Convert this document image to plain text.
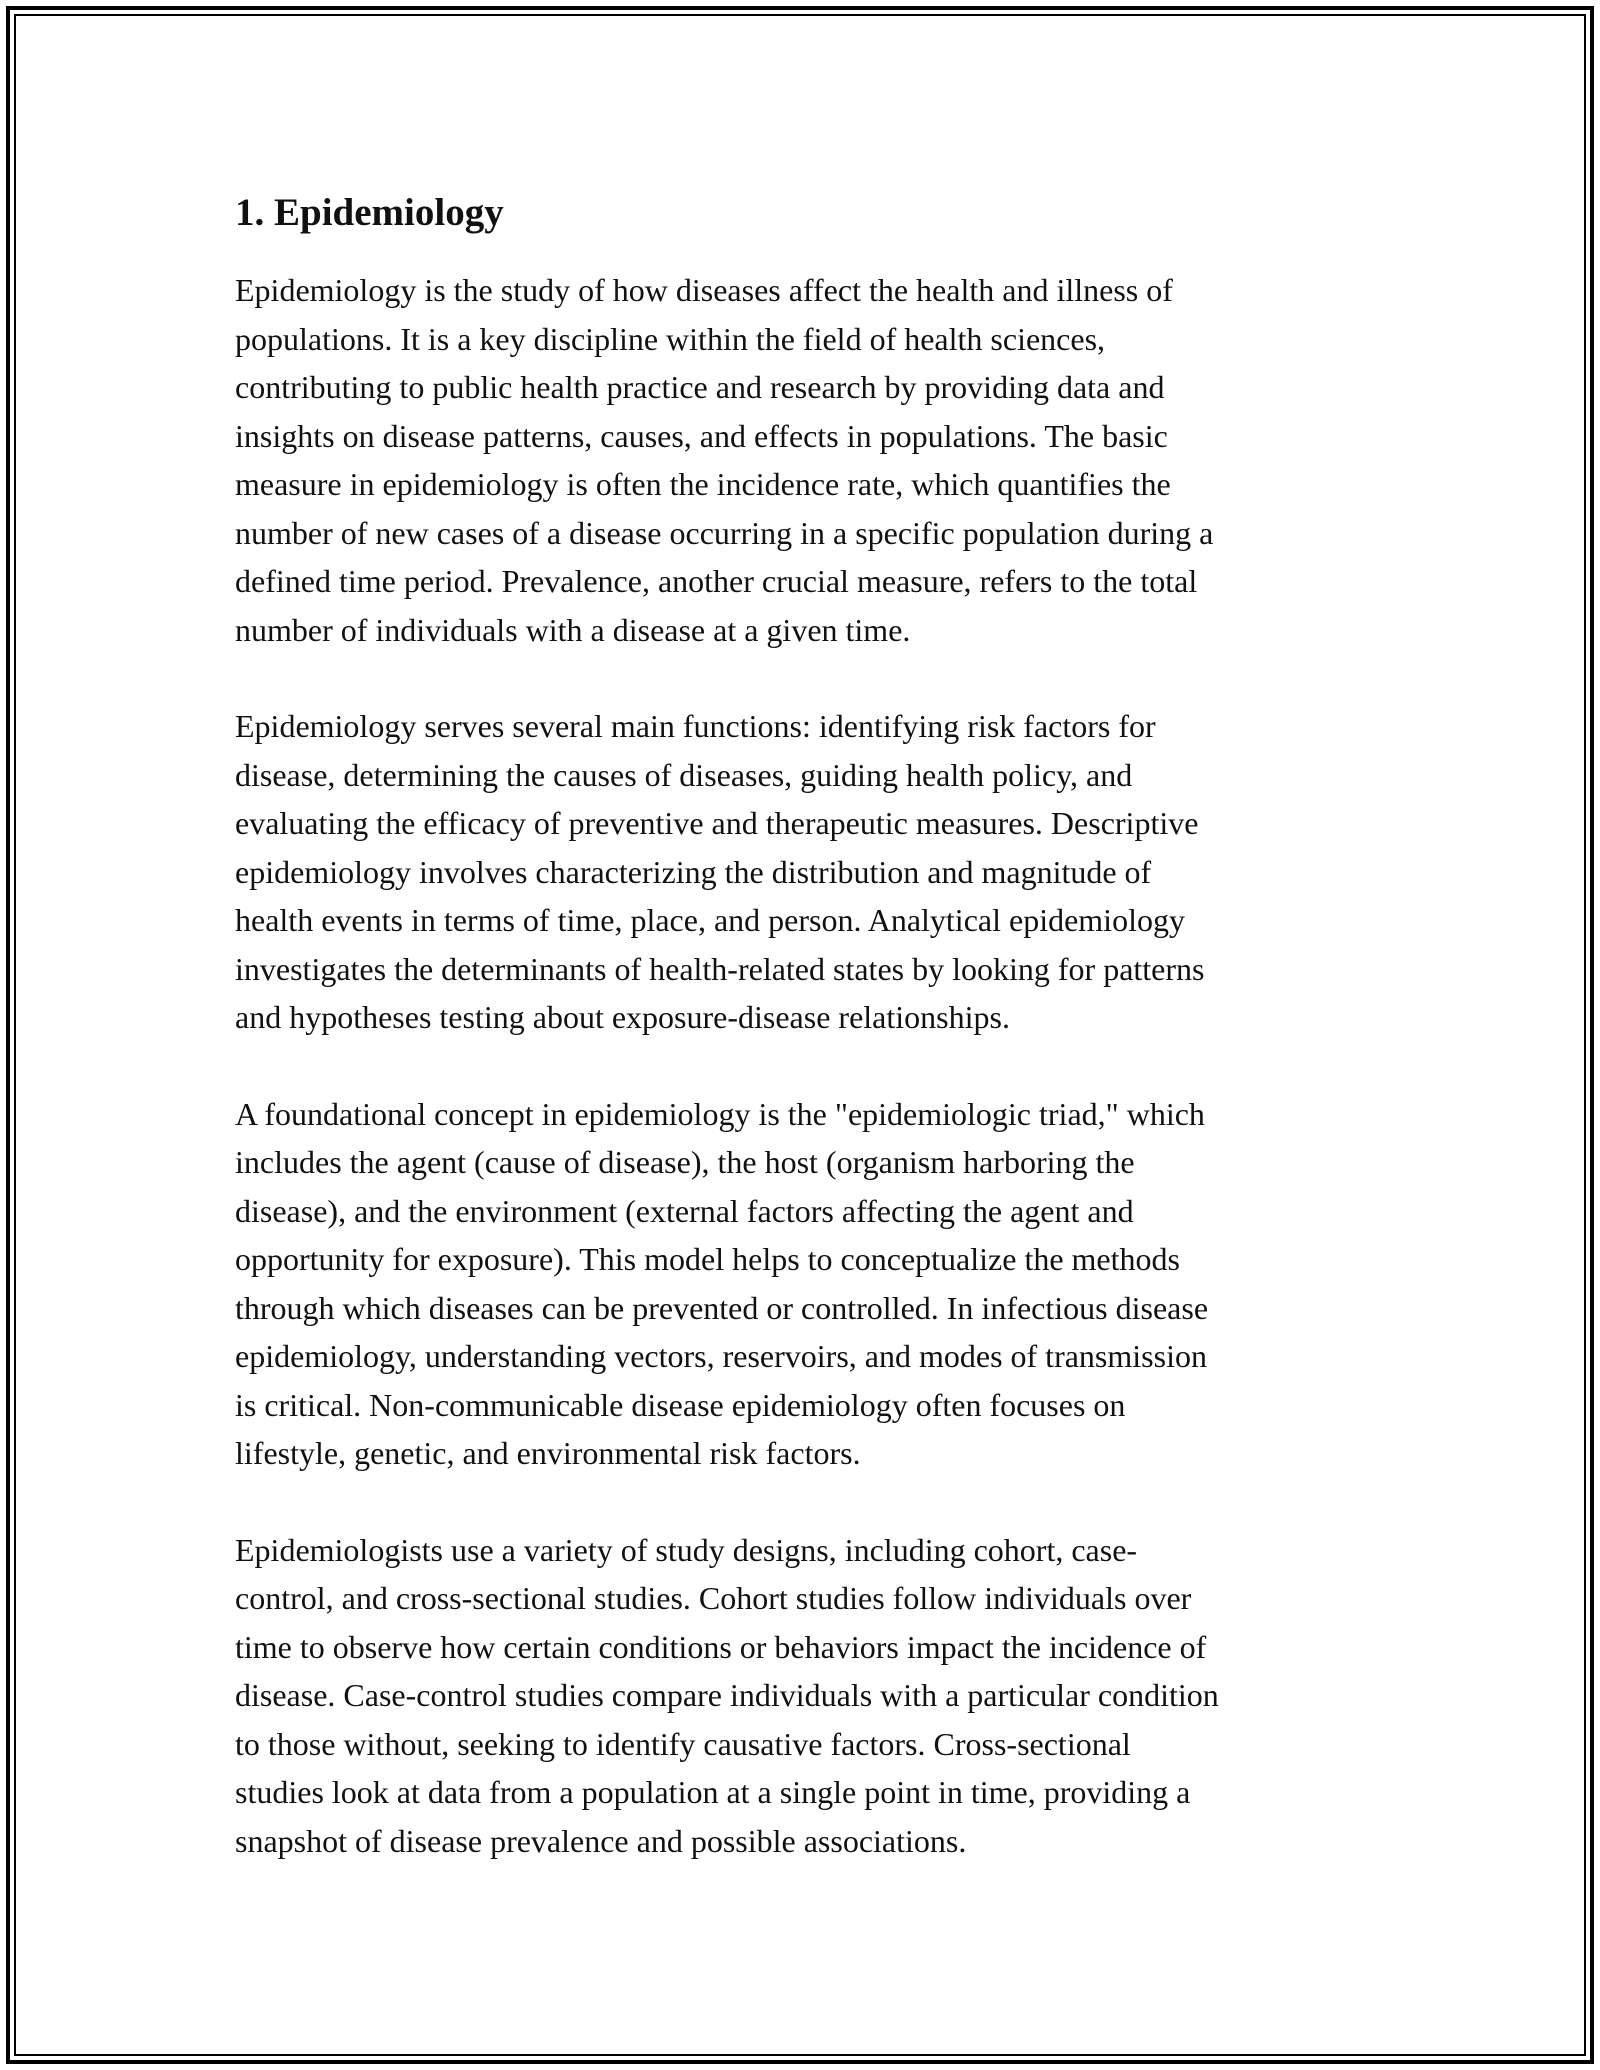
1. Epidemiology

Epidemiology is the study of how diseases affect the health and illness of
populations. It is a key discipline within the field of health sciences,
contributing to public health practice and research by providing data and
insights on disease patterns, causes, and effects in populations. The basic
measure in epidemiology is often the incidence rate, which quantifies the
number of new cases of a disease occurring in a specific population during a
defined time period. Prevalence, another crucial measure, refers to the total
number of individuals with a disease at a given time.

Epidemiology serves several main functions: identifying risk factors for
disease, determining the causes of diseases, guiding health policy, and
evaluating the efficacy of preventive and therapeutic measures. Descriptive
epidemiology involves characterizing the distribution and magnitude of
health events in terms of time, place, and person. Analytical epidemiology
investigates the determinants of health-related states by looking for patterns
and hypotheses testing about exposure-disease relationships.

A foundational concept in epidemiology is the "epidemiologic triad," which
includes the agent (cause of disease), the host (organism harboring the
disease), and the environment (external factors affecting the agent and
opportunity for exposure). This model helps to conceptualize the methods
through which diseases can be prevented or controlled. In infectious disease
epidemiology, understanding vectors, reservoirs, and modes of transmission
is critical. Non-communicable disease epidemiology often focuses on
lifestyle, genetic, and environmental risk factors.

Epidemiologists use a variety of study designs, including cohort, case-
control, and cross-sectional studies. Cohort studies follow individuals over
time to observe how certain conditions or behaviors impact the incidence of
disease. Case-control studies compare individuals with a particular condition
to those without, seeking to identify causative factors. Cross-sectional
studies look at data from a population at a single point in time, providing a
snapshot of disease prevalence and possible associations.
